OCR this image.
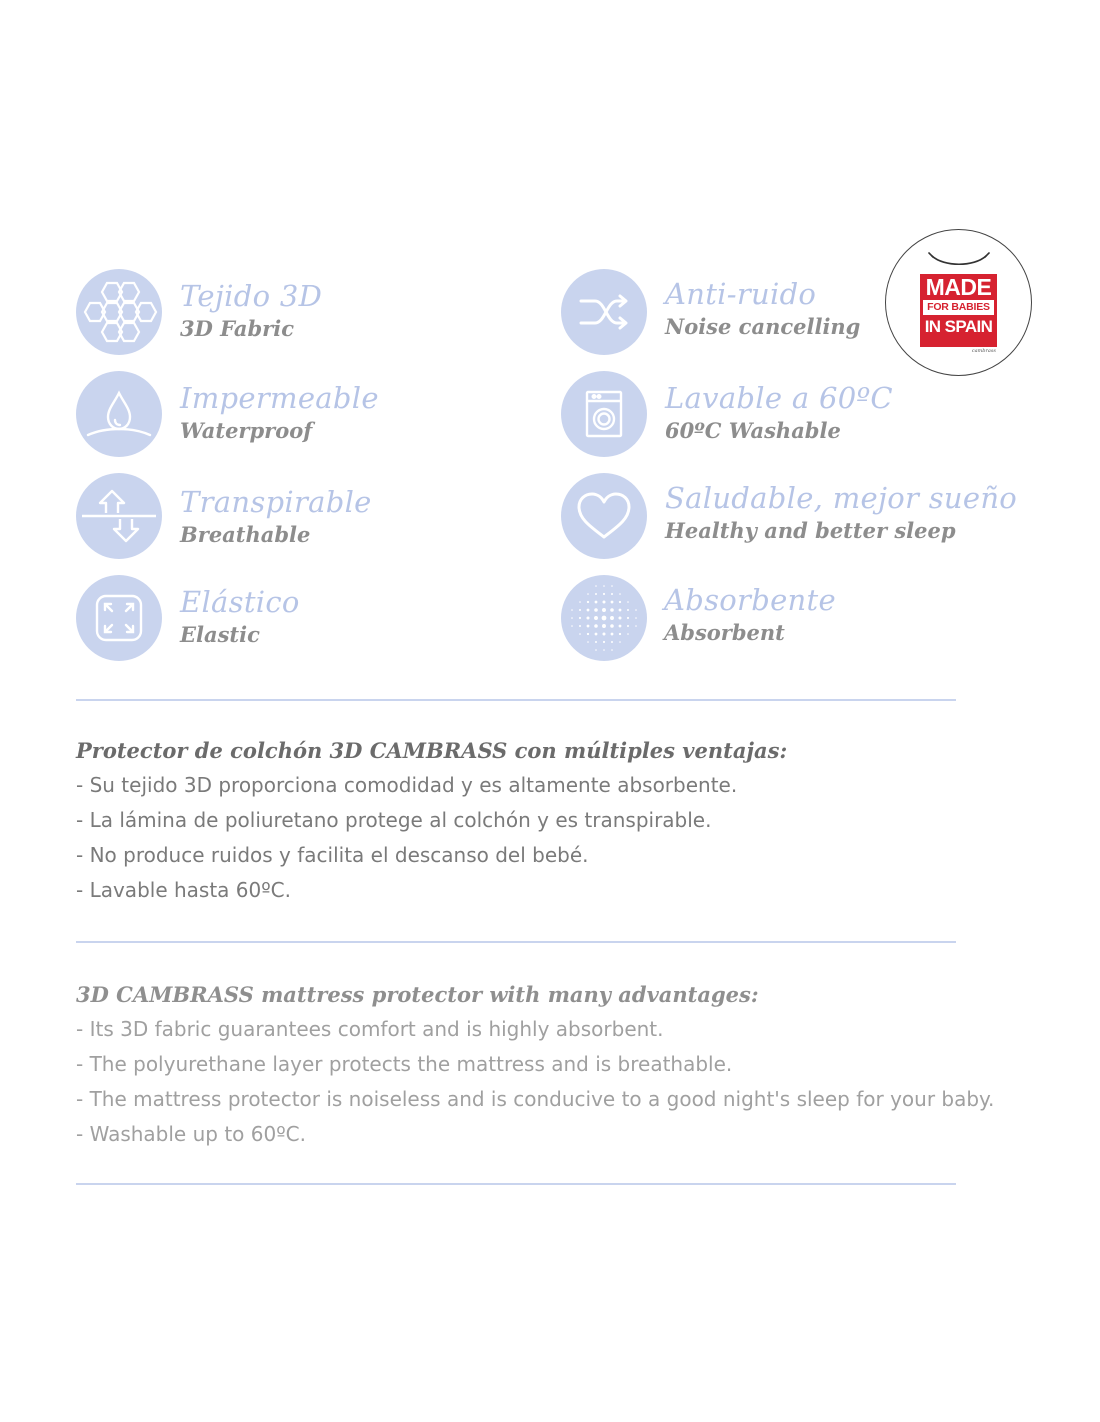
Tejido 3D
3D Fabric
Anti-ruido
Noise cancelling
Impermeable
Waterproof
Lavable a 60ºC
60ºC Washable
Transpirable
Breathable
Saludable, mejor sueño
Healthy and better sleep
Elástico
Elastic
Absorbente
Absorbent
MADE
FOR BABIES
IN SPAIN
cambrass
Protector de colchón 3D CAMBRASS con múltiples ventajas:
- Su tejido 3D proporciona comodidad y es altamente absorbente.
- La lámina de poliuretano protege al colchón y es transpirable.
- No produce ruidos y facilita el descanso del bebé.
- Lavable hasta 60ºC.
3D CAMBRASS mattress protector with many advantages:
- Its 3D fabric guarantees comfort and is highly absorbent.
- The polyurethane layer protects the mattress and is breathable.
- The mattress protector is noiseless and is conducive to a good night's sleep for your baby.
- Washable up to 60ºC.
